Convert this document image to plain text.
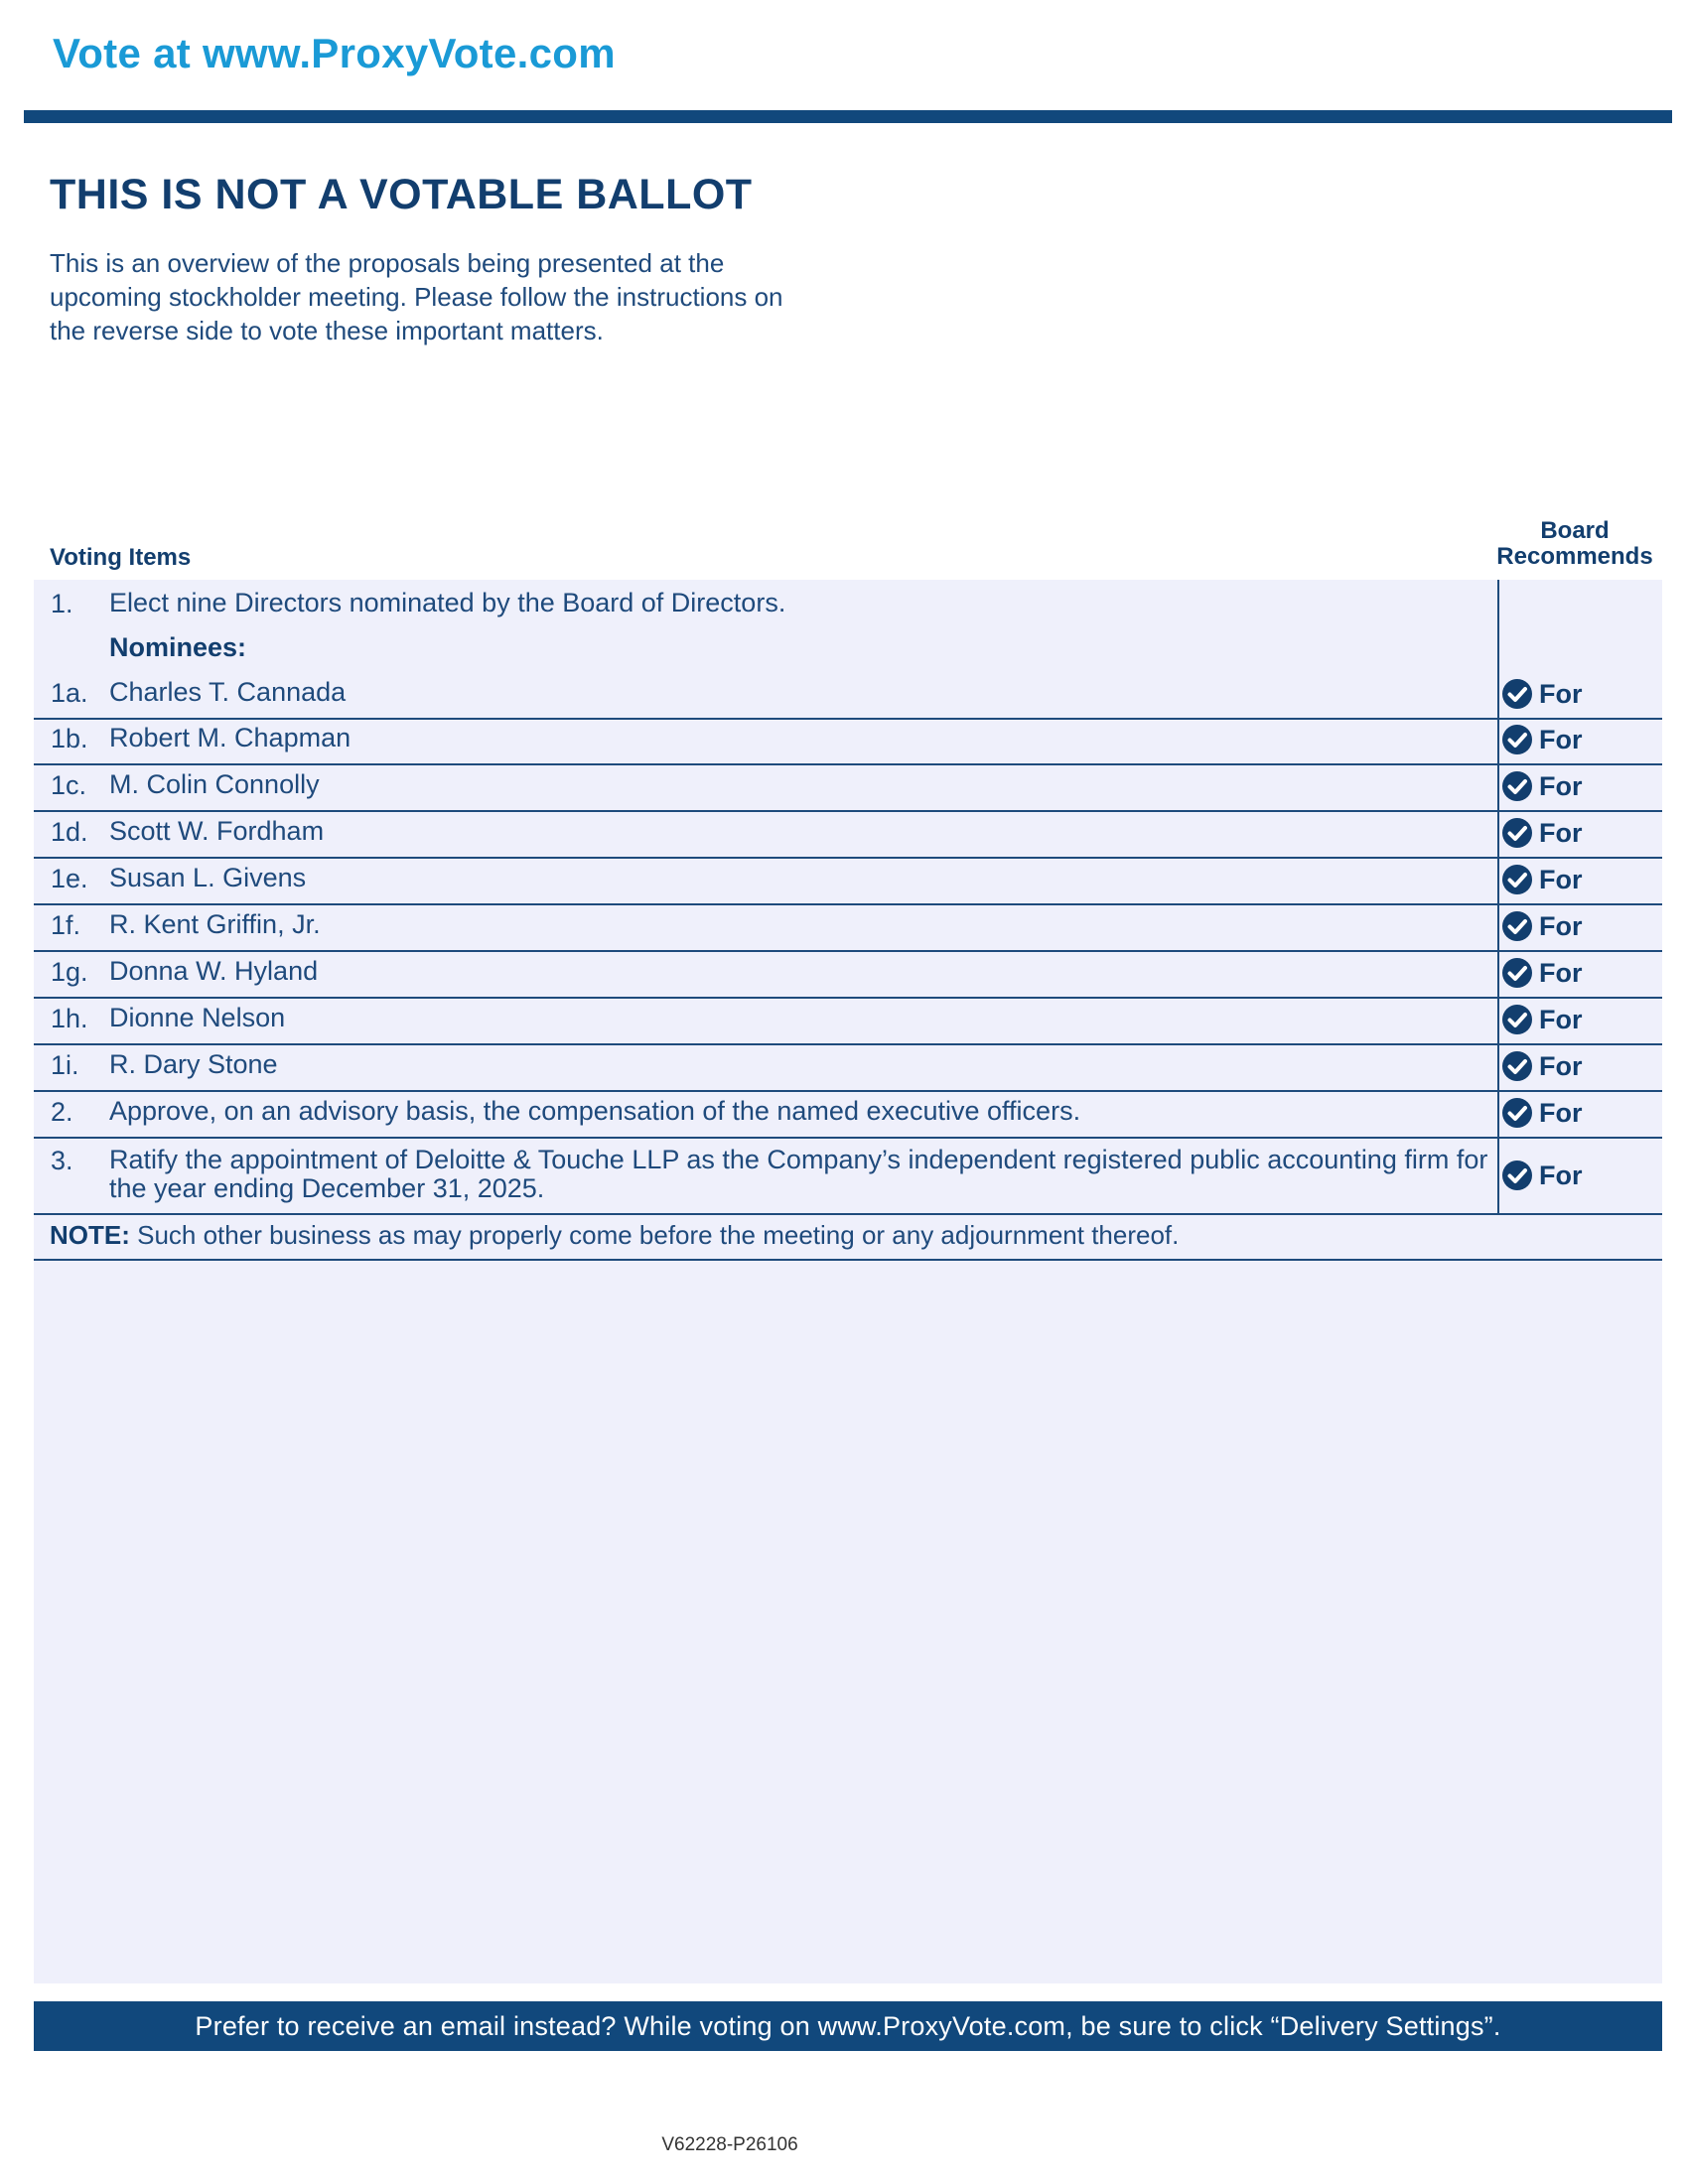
Vote at www.ProxyVote.com
THIS IS NOT A VOTABLE BALLOT
This is an overview of the proposals being presented at the
upcoming stockholder meeting. Please follow the instructions on
the reverse side to vote these important matters.
Voting Items
Board
Recommends
1. Elect nine Directors nominated by the Board of Directors.
Nominees:
1a. Charles T. Cannada	For
1b. Robert M. Chapman	For
1c. M. Colin Connolly	For
1d. Scott W. Fordham	For
1e. Susan L. Givens	For
1f. R. Kent Griffin, Jr.	For
1g. Donna W. Hyland	For
1h. Dionne Nelson	For
1i. R. Dary Stone	For
2. Approve, on an advisory basis, the compensation of the named executive officers.	For
3. Ratify the appointment of Deloitte & Touche LLP as the Company’s independent registered public accounting firm for the year ending December 31, 2025.	For
NOTE: Such other business as may properly come before the meeting or any adjournment thereof.
Prefer to receive an email instead? While voting on www.ProxyVote.com, be sure to click “Delivery Settings”.
V62228-P26106
